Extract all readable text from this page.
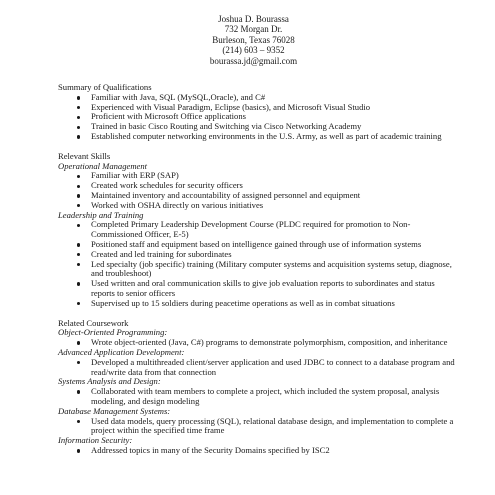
Joshua D. Bourassa
732 Morgan Dr.
Burleson, Texas 76028
(214) 603 – 9352
bourassa.jd@gmail.com
Summary of Qualifications
Familiar with Java, SQL (MySQL,Oracle), and C#
Experienced with Visual Paradigm, Eclipse (basics), and Microsoft Visual Studio
Proficient with Microsoft Office applications
Trained in basic Cisco Routing and Switching via Cisco Networking Academy
Established computer networking environments in the U.S. Army, as well as part of academic training
Relevant Skills
Operational Management
Familiar with ERP (SAP)
Created work schedules for security officers
Maintained inventory and accountability of assigned personnel and equipment
Worked with OSHA directly on various initiatives
Leadership and Training
Completed Primary Leadership Development Course (PLDC required for promotion to Non-Commissioned Officer, E-5)
Positioned staff and equipment based on intelligence gained through use of information systems
Created and led training for subordinates
Led specialty (job specific) training (Military computer systems and acquisition systems setup, diagnose, and troubleshoot)
Used written and oral communication skills to give job evaluation reports to subordinates and status reports to senior officers
Supervised up to 15 soldiers during peacetime operations as well as in combat situations
Related Coursework
Object-Oriented Programming:
Wrote object-oriented (Java, C#) programs to demonstrate polymorphism, composition, and inheritance
Advanced Application Development:
Developed a multithreaded client/server application and used JDBC to connect to a database program and read/write data from that connection
Systems Analysis and Design:
Collaborated with team members to complete a project, which included the system proposal, analysis modeling, and design modeling
Database Management Systems:
Used data models, query processing (SQL), relational database design, and implementation to complete a project within the specified time frame
Information Security:
Addressed topics in many of the Security Domains specified by ISC2
